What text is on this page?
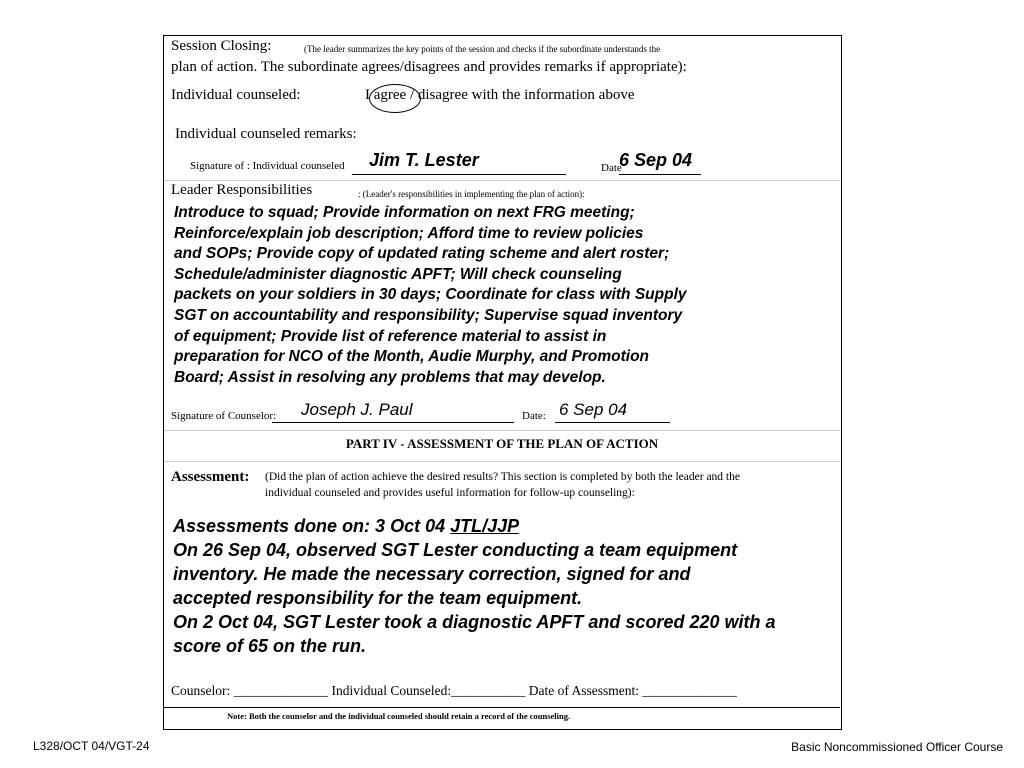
Session Closing:	(The leader summarizes the key points of the session and checks if the subordinate understands the
plan of action. The subordinate agrees/disagrees and provides remarks if appropriate):
Individual counseled:	I agree / disagree with the information above
Individual counseled remarks:
Signature of : Individual counseled Jim T. Lester	Date
6 Sep 04
Leader Responsibilities	: (Leader's responsibilities in implementing the plan of action):
Introduce to squad; Provide information on next FRG meeting;
Reinforce/explain job description; Afford time to review policies
and SOPs; Provide copy of updated rating scheme and alert roster;
Schedule/administer diagnostic APFT; Will check counseling
packets on your soldiers in 30 days; Coordinate for class with Supply
SGT on accountability and responsibility; Supervise squad inventory
of equipment; Provide list of reference material to assist in
preparation for NCO of the Month, Audie Murphy, and Promotion
Board; Assist in resolving any problems that may develop.
Signature of Counselor: Joseph J. Paul	Date: 6 Sep 04
PART IV - ASSESSMENT OF THE PLAN OF ACTION
Assessment: (Did the plan of action achieve the desired results? This section is completed by both the leader and the
individual counseled and provides useful information for follow-up counseling):
Assessments done on: 3 Oct 04 JTL/JJP
On 26 Sep 04, observed SGT Lester conducting a team equipment
inventory. He made the necessary correction, signed for and
accepted responsibility for the team equipment.
On 2 Oct 04, SGT Lester took a diagnostic APFT and scored 220 with a
score of 65 on the run.
Counselor: ______________ Individual Counseled:___________ Date of Assessment: ______________
Note: Both the counselor and the individual counseled should retain a record of the counseling.
L328/OCT 04/VGT-24	Basic Noncommissioned Officer Course
